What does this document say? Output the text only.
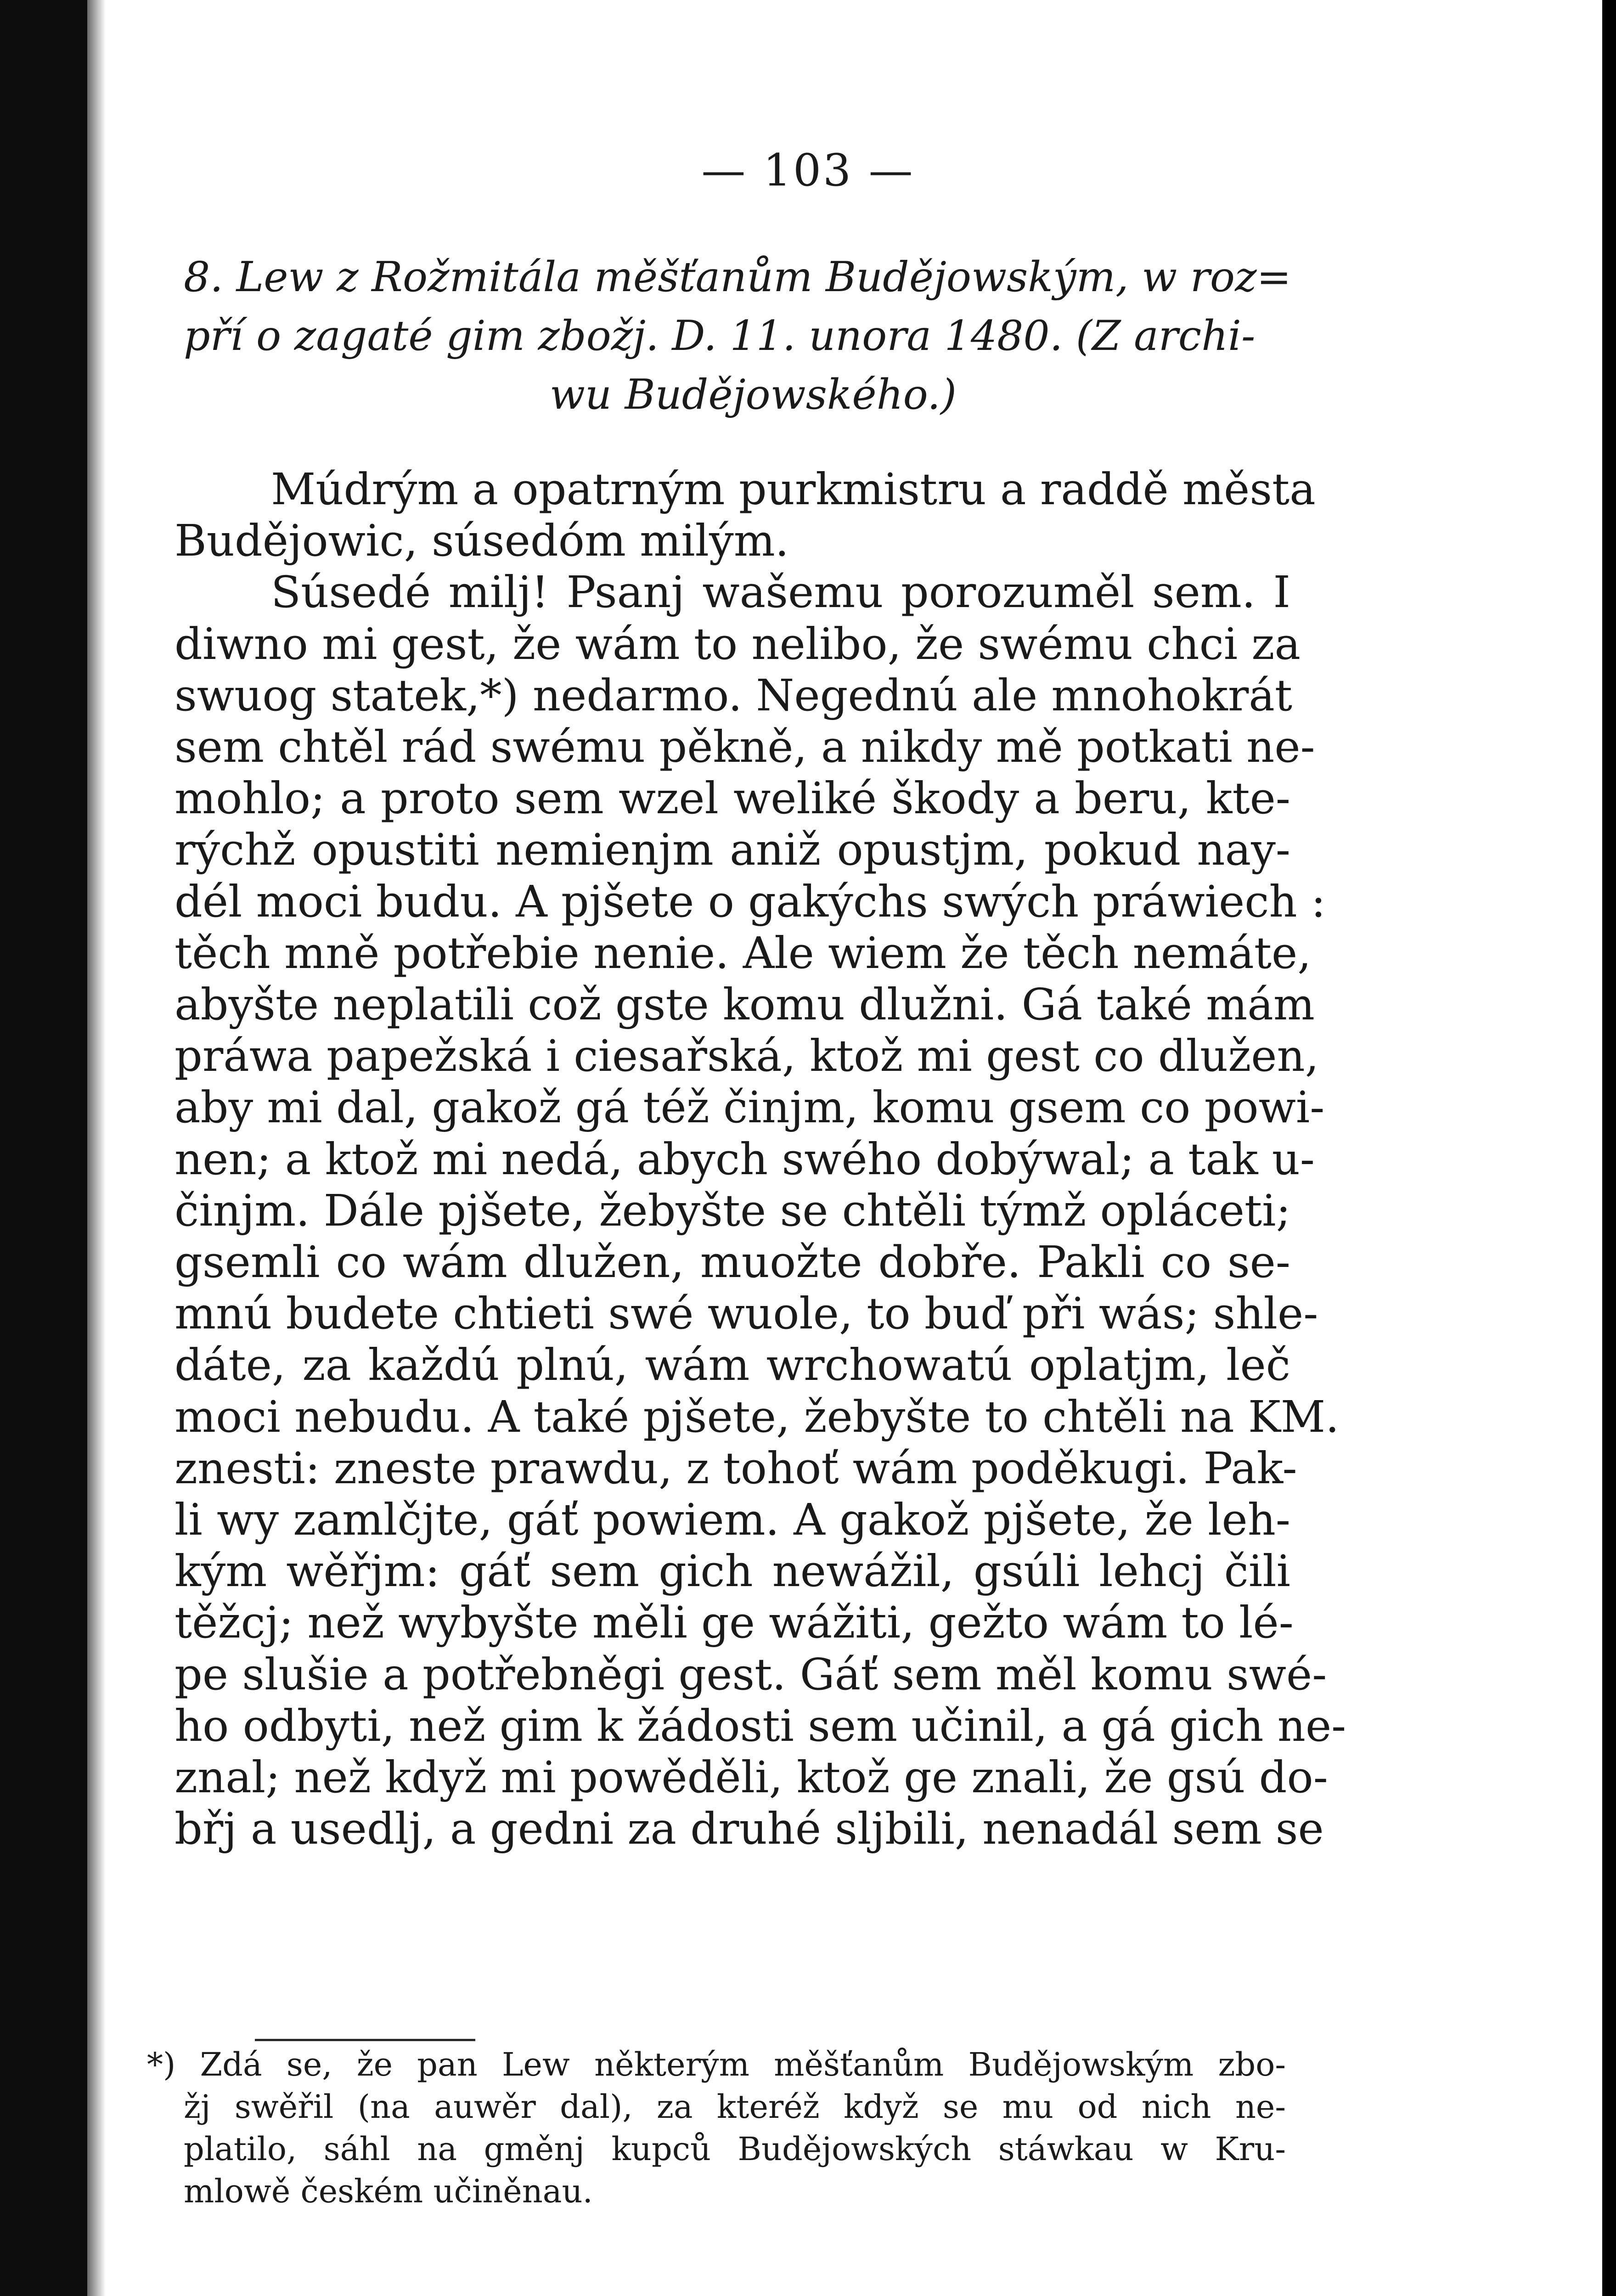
— 103 —
8. Lew z Rožmitála měšťanům Budějowským, w roz=
pří o zagaté gim zbožj. D. 11. unora 1480. (Z archi-
wu Budějowského.)
Múdrým a opatrným purkmistru a raddě města
Budějowic, súsedóm milým.
Súsedé milj! Psanj wašemu porozuměl sem. I
diwno mi gest, že wám to nelibo, že swému chci za
swuog statek,*) nedarmo. Negednú ale mnohokrát
sem chtěl rád swému pěkně, a nikdy mě potkati ne-
mohlo; a proto sem wzel weliké škody a beru, kte-
rýchž opustiti nemienjm aniž opustjm, pokud nay-
dél moci budu. A pjšete o gakýchs swých práwiech :
těch mně potřebie nenie. Ale wiem že těch nemáte,
abyšte neplatili což gste komu dlužni. Gá také mám
práwa papežská i ciesařská, ktož mi gest co dlužen,
aby mi dal, gakož gá též činjm, komu gsem co powi-
nen; a ktož mi nedá, abych swého dobýwal; a tak u-
činjm. Dále pjšete, žebyšte se chtěli týmž opláceti;
gsemli co wám dlužen, muožte dobře. Pakli co se-
mnú budete chtieti swé wuole, to buď při wás; shle-
dáte, za každú plnú, wám wrchowatú oplatjm, leč
moci nebudu. A také pjšete, žebyšte to chtěli na KM.
znesti: zneste prawdu, z tohoť wám poděkugi. Pak-
li wy zamlčjte, gáť powiem. A gakož pjšete, že leh-
kým wěřjm: gáť sem gich newážil, gsúli lehcj čili
těžcj; než wybyšte měli ge wážiti, gežto wám to lé-
pe slušie a potřebněgi gest. Gáť sem měl komu swé-
ho odbyti, než gim k žádosti sem učinil, a gá gich ne-
znal; než když mi powěděli, ktož ge znali, že gsú do-
břj a usedlj, a gedni za druhé sljbili, nenadál sem se
*) Zdá se, že pan Lew některým měšťanům Budějowským zbo-
žj swěřil (na auwěr dal), za kteréž když se mu od nich ne-
platilo, sáhl na gměnj kupců Budějowských stáwkau w Kru-
mlowě českém učiněnau.
